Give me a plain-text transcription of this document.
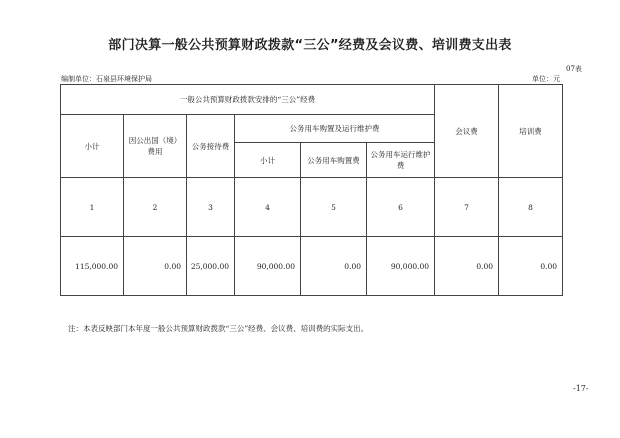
部门决算一般公共预算财政拨款“三公”经费及会议费、培训费支出表
07表
编制单位：石泉县环境保护局	单位：元
一般公共预算财政拨款安排的“三公”经费						会议费	培训费
小计	因公出国（境）费用	公务接待费	公务用车购置及运行维护费				
			小计	公务用车购置费	公务用车运行维护费		
1	2	3	4	5	6	7	8
115,000.00	0.00	25,000.00	90,000.00	0.00	90,000.00	0.00	0.00
注：本表反映部门本年度一般公共预算财政拨款“三公”经费、会议费、培训费的实际支出。
-17-
